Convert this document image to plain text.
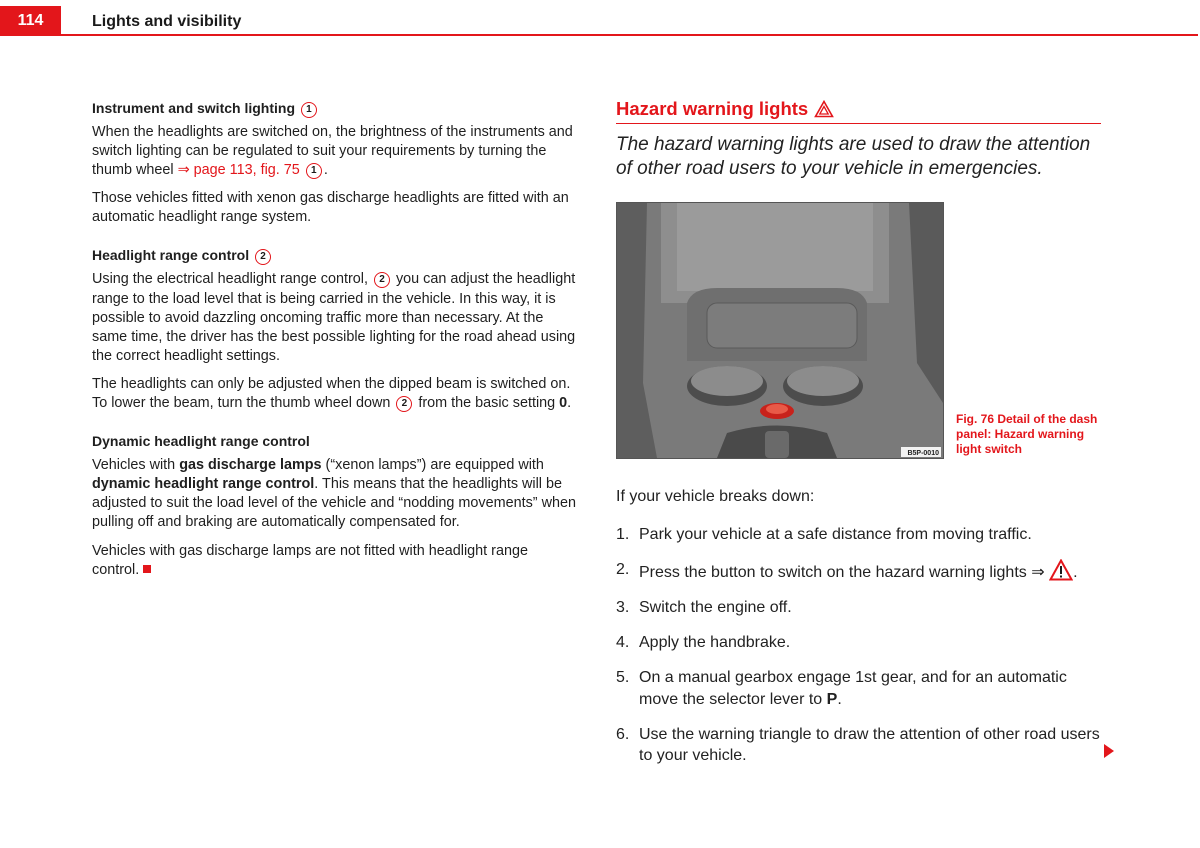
114	Lights and visibility
Instrument and switch lighting 1

When the headlights are switched on, the brightness of the instruments and switch lighting can be regulated to suit your requirements by turning the thumb wheel ⇒ page 113, fig. 75 1 .

Those vehicles fitted with xenon gas discharge headlights are fitted with an automatic headlight range system.

Headlight range control 2

Using the electrical headlight range control, 2 you can adjust the headlight range to the load level that is being carried in the vehicle. In this way, it is possible to avoid dazzling oncoming traffic more than necessary. At the same time, the driver has the best possible lighting for the road ahead using the correct headlight settings.

The headlights can only be adjusted when the dipped beam is switched on. To lower the beam, turn the thumb wheel down 2 from the basic setting 0.

Dynamic headlight range control

Vehicles with gas discharge lamps (“xenon lamps”) are equipped with dynamic headlight range control. This means that the headlights will be adjusted to suit the load level of the vehicle and “nodding movements” when pulling off and braking are automatically compensated for.

Vehicles with gas discharge lamps are not fitted with headlight range control.

Hazard warning lights
The hazard warning lights are used to draw the attention of other road users to your vehicle in emergencies.
B5P-0010
Fig. 76 Detail of the dash panel: Hazard warning light switch
If your vehicle breaks down:
1. Park your vehicle at a safe distance from moving traffic.
2. Press the button to switch on the hazard warning lights ⇒ .
3. Switch the engine off.
4. Apply the handbrake.
5. On a manual gearbox engage 1st gear, and for an automatic move the selector lever to P.
6. Use the warning triangle to draw the attention of other road users to your vehicle.
